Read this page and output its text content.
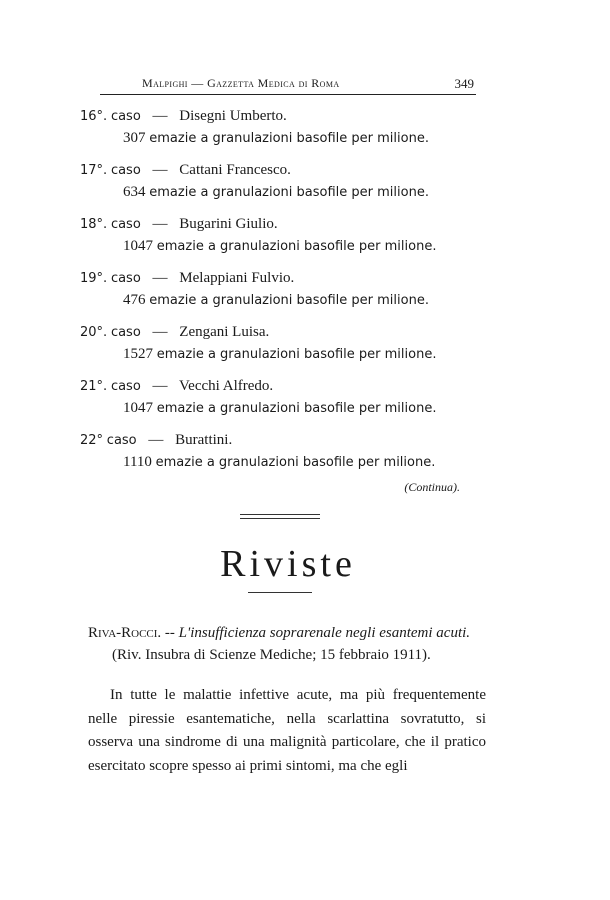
Malpighi — Gazzetta Medica di Roma	349
16°. caso — Disegni Umberto.
307 emazie a granulazioni basofile per milione.
17°. caso — Cattani Francesco.
634 emazie a granulazioni basofile per milione.
18°. caso — Bugarini Giulio.
1047 emazie a granulazioni basofile per milione.
19°. caso — Melappiani Fulvio.
476 emazie a granulazioni basofile per milione.
20°. caso — Zengani Luisa.
1527 emazie a granulazioni basofile per milione.
21°. caso — Vecchi Alfredo.
1047 emazie a granulazioni basofile per milione.
22° caso — Burattini.
1110 emazie a granulazioni basofile per milione.
(Continua).
Riviste
Riva-Rocci. -- L'insufficienza soprarenale negli esantemi acuti.
(Riv. Insubra di Scienze Mediche; 15 febbraio 1911).
In tutte le malattie infettive acute, ma più frequentemente nelle piressie esantematiche, nella scarlattina sovratutto, si osserva una sindrome di una malignità particolare, che il pratico esercitato scopre spesso ai primi sintomi, ma che egli
